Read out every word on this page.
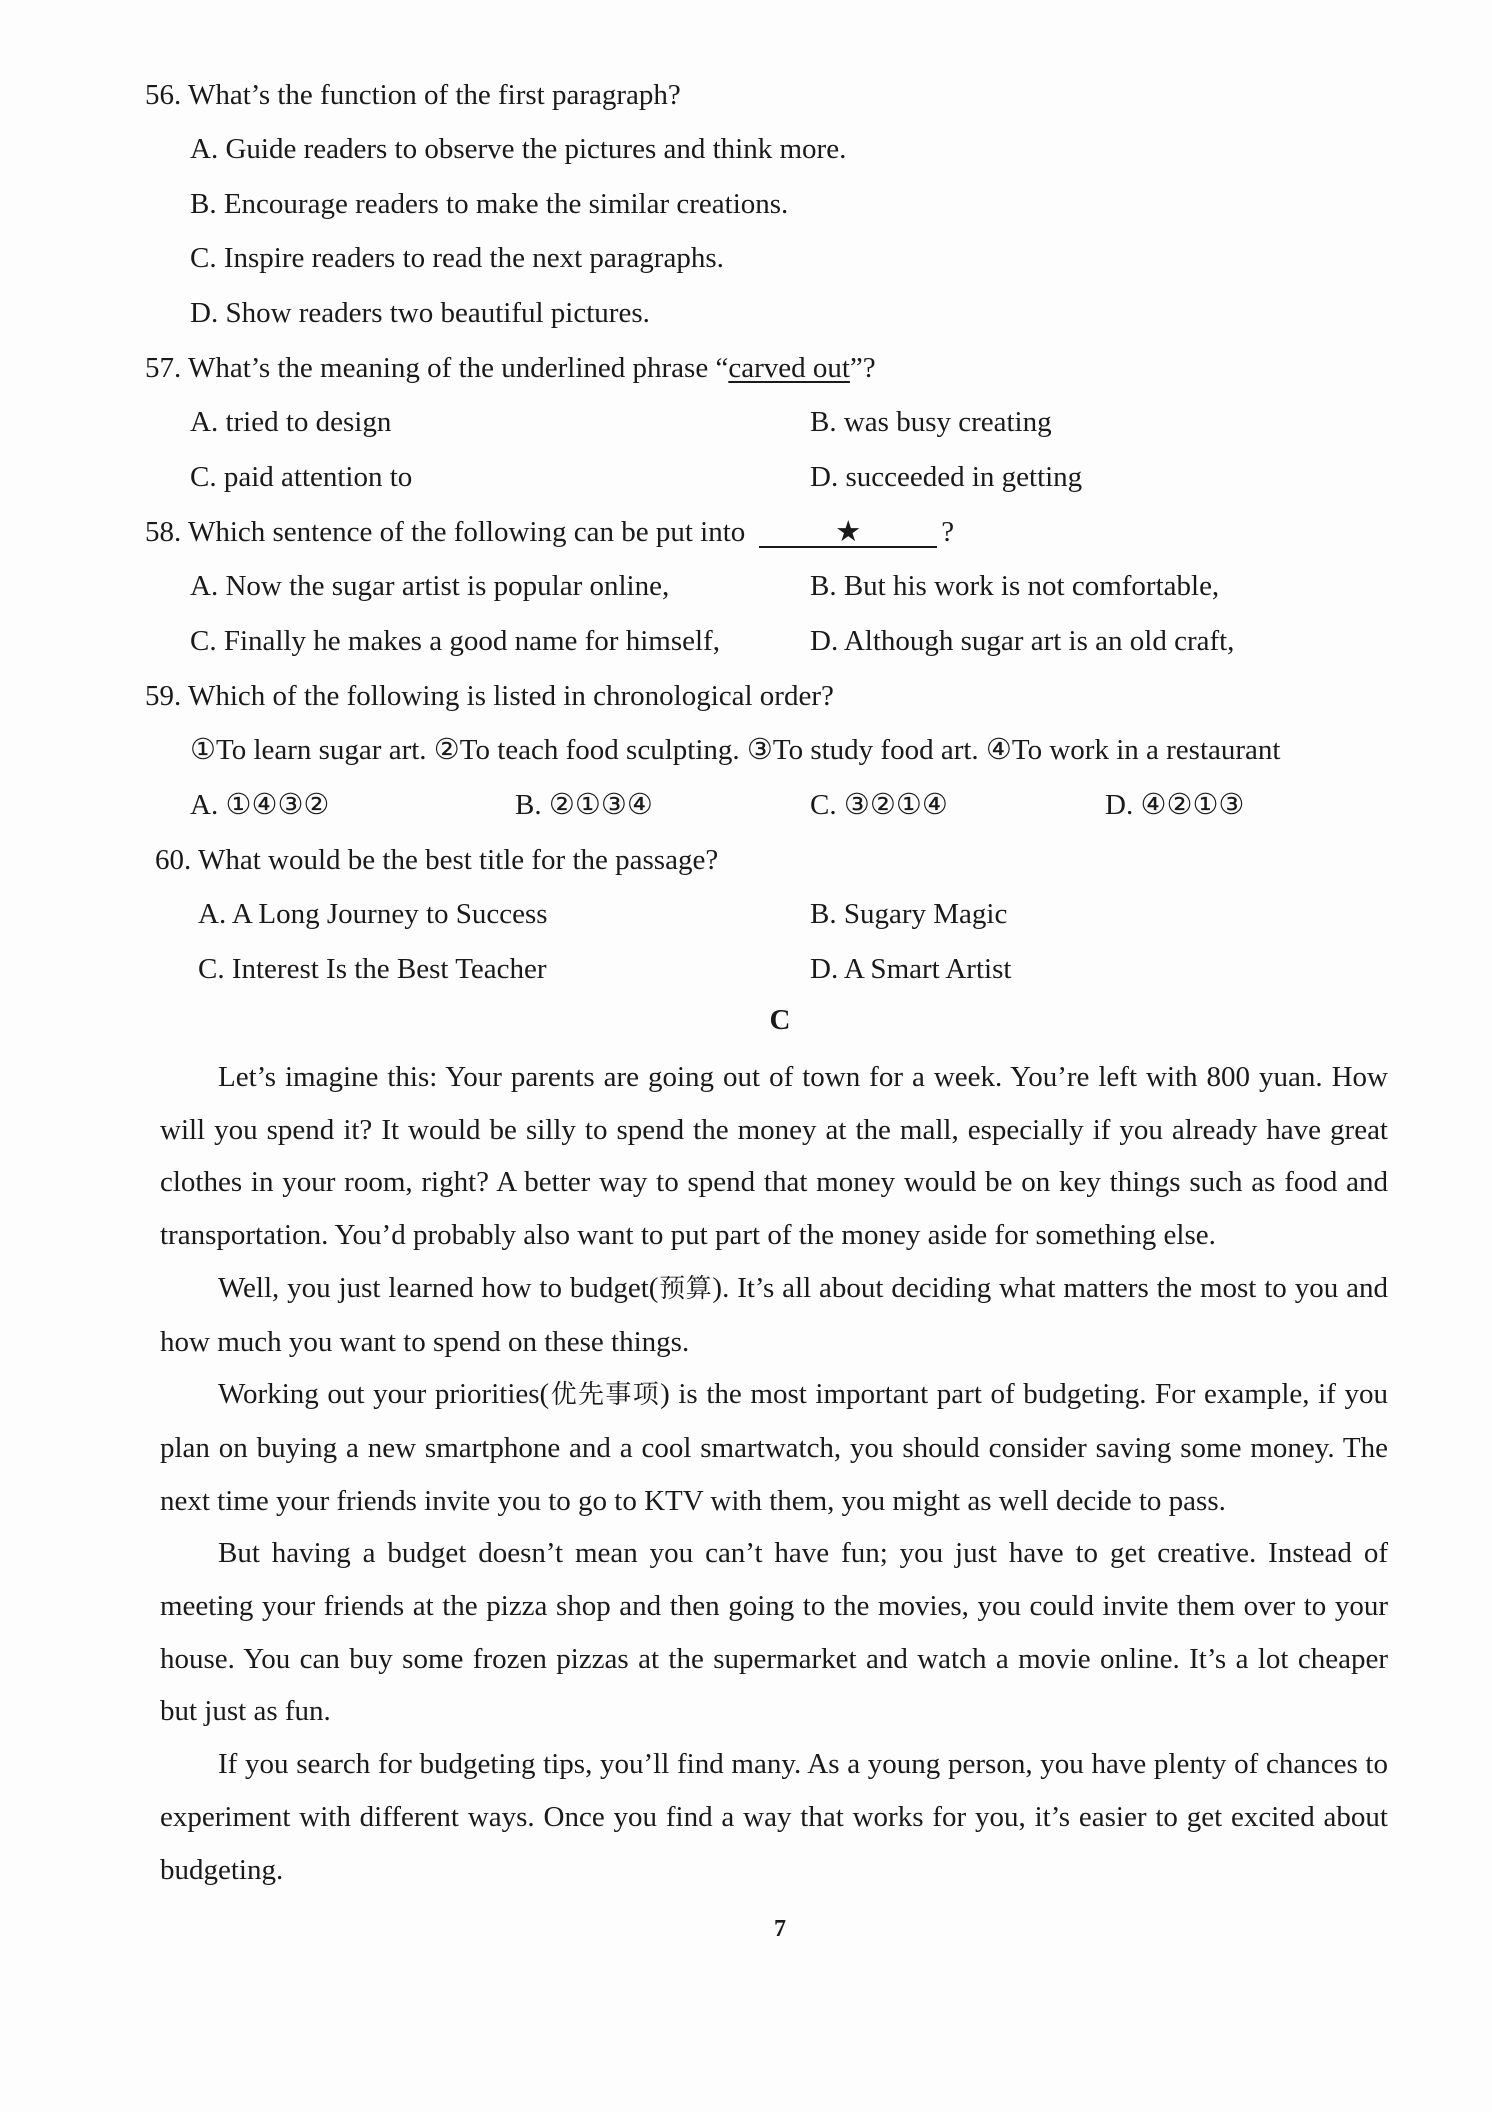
56. What’s the function of the first paragraph?
A. Guide readers to observe the pictures and think more.
B. Encourage readers to make the similar creations.
C. Inspire readers to read the next paragraphs.
D. Show readers two beautiful pictures.
57. What’s the meaning of the underlined phrase “carved out”?
A. tried to design	B. was busy creating
C. paid attention to	D. succeeded in getting
58. Which sentence of the following can be put into	★	?
A. Now the sugar artist is popular online,	B. But his work is not comfortable,
C. Finally he makes a good name for himself,	D. Although sugar art is an old craft,
59. Which of the following is listed in chronological order?
①To learn sugar art. ②To teach food sculpting. ③To study food art. ④To work in a restaurant
A. ①④③②	B. ②①③④	C. ③②①④	D. ④②①③
60. What would be the best title for the passage?
A. A Long Journey to Success	B. Sugary Magic
C. Interest Is the Best Teacher	D. A Smart Artist
C

Let’s imagine this: Your parents are going out of town for a week. You’re left with 800 yuan. How will you spend it? It would be silly to spend the money at the mall, especially if you already have great clothes in your room, right? A better way to spend that money would be on key things such as food and transportation. You’d probably also want to put part of the money aside for something else.

Well, you just learned how to budget(预算). It’s all about deciding what matters the most to you and how much you want to spend on these things.

Working out your priorities(优先事项) is the most important part of budgeting. For example, if you plan on buying a new smartphone and a cool smartwatch, you should consider saving some money. The next time your friends invite you to go to KTV with them, you might as well decide to pass.

But having a budget doesn’t mean you can’t have fun; you just have to get creative. Instead of meeting your friends at the pizza shop and then going to the movies, you could invite them over to your house. You can buy some frozen pizzas at the supermarket and watch a movie online. It’s a lot cheaper but just as fun.

If you search for budgeting tips, you’ll find many. As a young person, you have plenty of chances to experiment with different ways. Once you find a way that works for you, it’s easier to get excited about budgeting.

7
